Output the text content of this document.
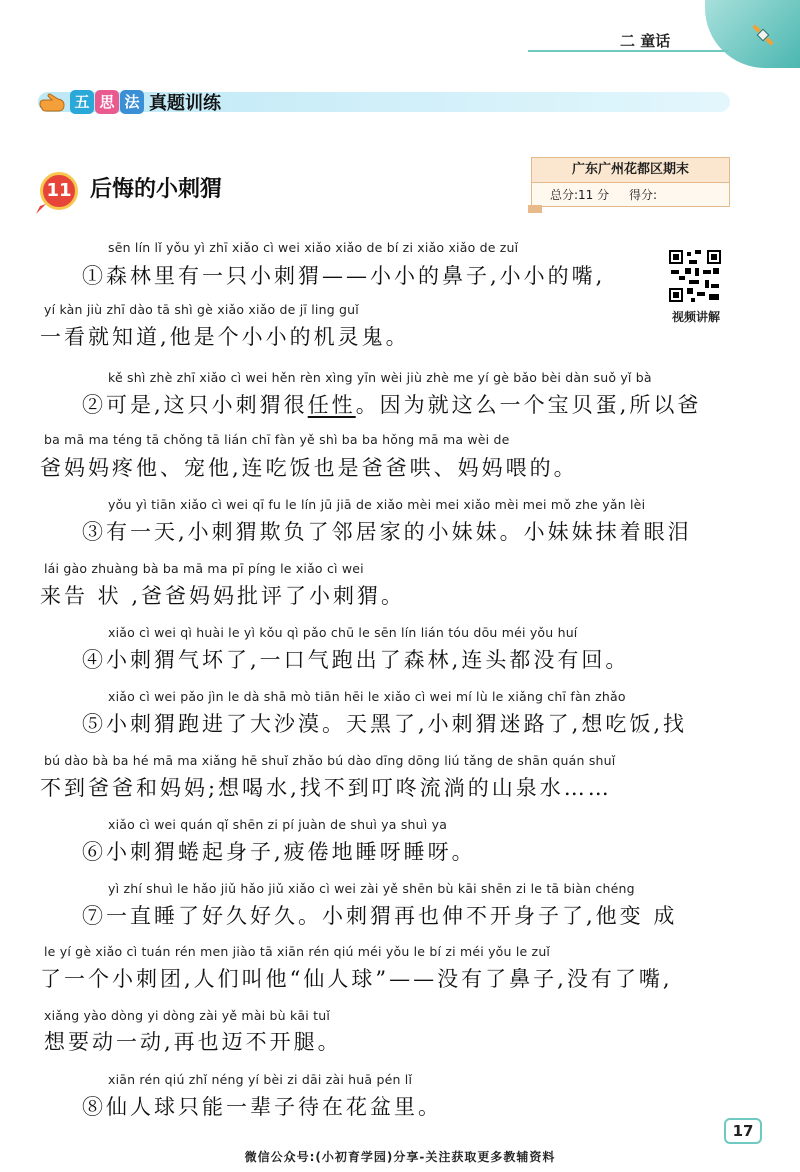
二 童话
五 思 法 真题训练
11 后悔的小刺猬
广东广州花都区期末
总分:11 分 得分:
视频讲解
sēn lín lǐ yǒu yì zhī xiǎo cì wei xiǎo xiǎo de bí zi xiǎo xiǎo de zuǐ
①森林里有一只小刺猬——小小的鼻子,小小的嘴,
yí kàn jiù zhī dào tā shì gè xiǎo xiǎo de jī ling guǐ
一看就知道,他是个小小的机灵鬼。
kě shì zhè zhī xiǎo cì wei hěn rèn xìng yīn wèi jiù zhè me yí gè bǎo bèi dàn suǒ yǐ bà
②可是,这只小刺猬很任性。因为就这么一个宝贝蛋,所以爸
ba mā ma téng tā chǒng tā lián chī fàn yě shì ba ba hǒng mā ma wèi de
爸妈妈疼他、宠他,连吃饭也是爸爸哄、妈妈喂的。
yǒu yì tiān xiǎo cì wei qī fu le lín jū jiā de xiǎo mèi mei xiǎo mèi mei mǒ zhe yǎn lèi
③有一天,小刺猬欺负了邻居家的小妹妹。小妹妹抹着眼泪
lái gào zhuàng bà ba mā ma pī píng le xiǎo cì wei
来告 状 ,爸爸妈妈批评了小刺猬。
xiǎo cì wei qì huài le yì kǒu qì pǎo chū le sēn lín lián tóu dōu méi yǒu huí
④小刺猬气坏了,一口气跑出了森林,连头都没有回。
xiǎo cì wei pǎo jìn le dà shā mò tiān hēi le xiǎo cì wei mí lù le xiǎng chī fàn zhǎo
⑤小刺猬跑进了大沙漠。天黑了,小刺猬迷路了,想吃饭,找
bú dào bà ba hé mā ma xiǎng hē shuǐ zhǎo bú dào dīng dōng liú tǎng de shān quán shuǐ
不到爸爸和妈妈;想喝水,找不到叮咚流淌的山泉水……
xiǎo cì wei quán qǐ shēn zi pí juàn de shuì ya shuì ya
⑥小刺猬蜷起身子,疲倦地睡呀睡呀。
yì zhí shuì le hǎo jiǔ hǎo jiǔ xiǎo cì wei zài yě shēn bù kāi shēn zi le tā biàn chéng
⑦一直睡了好久好久。小刺猬再也伸不开身子了,他变 成
le yí gè xiǎo cì tuán rén men jiào tā xiān rén qiú méi yǒu le bí zi méi yǒu le zuǐ
了一个小刺团,人们叫他“仙人球”——没有了鼻子,没有了嘴,
xiǎng yào dòng yi dòng zài yě mài bù kāi tuǐ
想要动一动,再也迈不开腿。
xiān rén qiú zhǐ néng yí bèi zi dāi zài huā pén lǐ
⑧仙人球只能一辈子待在花盆里。
17
微信公众号:(小初育学园)分享-关注获取更多教辅资料
